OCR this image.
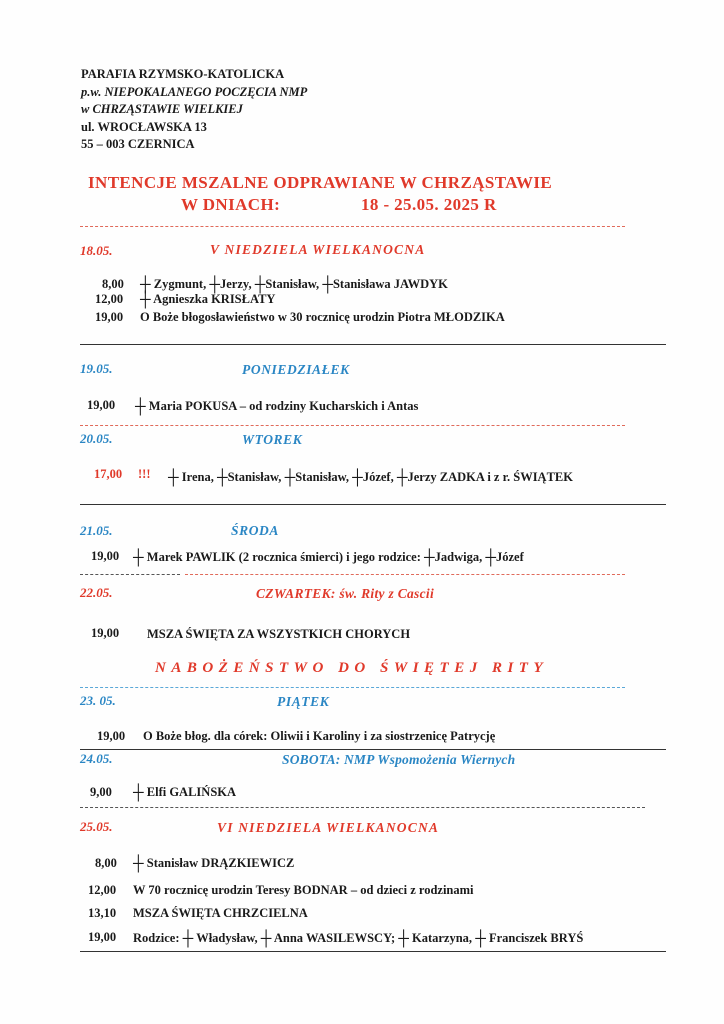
PARAFIA RZYMSKO-KATOLICKA
p.w. NIEPOKALANEGO POCZĘCIA NMP
w CHRZĄSTAWIE WIELKIEJ
ul. WROCŁAWSKA 13
55 – 003 CZERNICA
INTENCJE MSZALNE ODPRAWIANE W CHRZĄSTAWIE
W DNIACH:	18 - 25.05. 2025 R
18.05.	V NIEDZIELA WIELKANOCNA
8,00 ┼ Zygmunt, ┼Jerzy, ┼Stanisław, ┼Stanisława JAWDYK
12,00 ┼ Agnieszka KRISŁATY
19,00 O Boże błogosławieństwo w 30 rocznicę urodzin Piotra MŁODZIKA
19.05.	PONIEDZIAŁEK
19,00 ┼ Maria POKUSA – od rodziny Kucharskich i Antas
20.05.	WTOREK
17,00 !!! ┼ Irena, ┼Stanisław, ┼Stanisław, ┼Józef, ┼Jerzy ZADKA i z r. ŚWIĄTEK
21.05.	ŚRODA
19,00 ┼ Marek PAWLIK (2 rocznica śmierci) i jego rodzice: ┼Jadwiga, ┼Józef
22.05.	CZWARTEK: św. Rity z Cascii
19,00 MSZA ŚWIĘTA ZA WSZYSTKICH CHORYCH
NABOŻEŃSTWO DO ŚWIĘTEJ RITY
23. 05.	PIĄTEK
19,00 O Boże błog. dla córek: Oliwii i Karoliny i za siostrzenicę Patrycję
24.05.	SOBOTA: NMP Wspomożenia Wiernych
9,00 ┼ Elfi GALIŃSKA
25.05.	VI NIEDZIELA WIELKANOCNA
8,00 ┼ Stanisław DRĄZKIEWICZ
12,00 W 70 rocznicę urodzin Teresy BODNAR – od dzieci z rodzinami
13,10 MSZA ŚWIĘTA CHRZCIELNA
19,00 Rodzice: ┼ Władysław, ┼ Anna WASILEWSCY; ┼ Katarzyna, ┼ Franciszek BRYŚ
